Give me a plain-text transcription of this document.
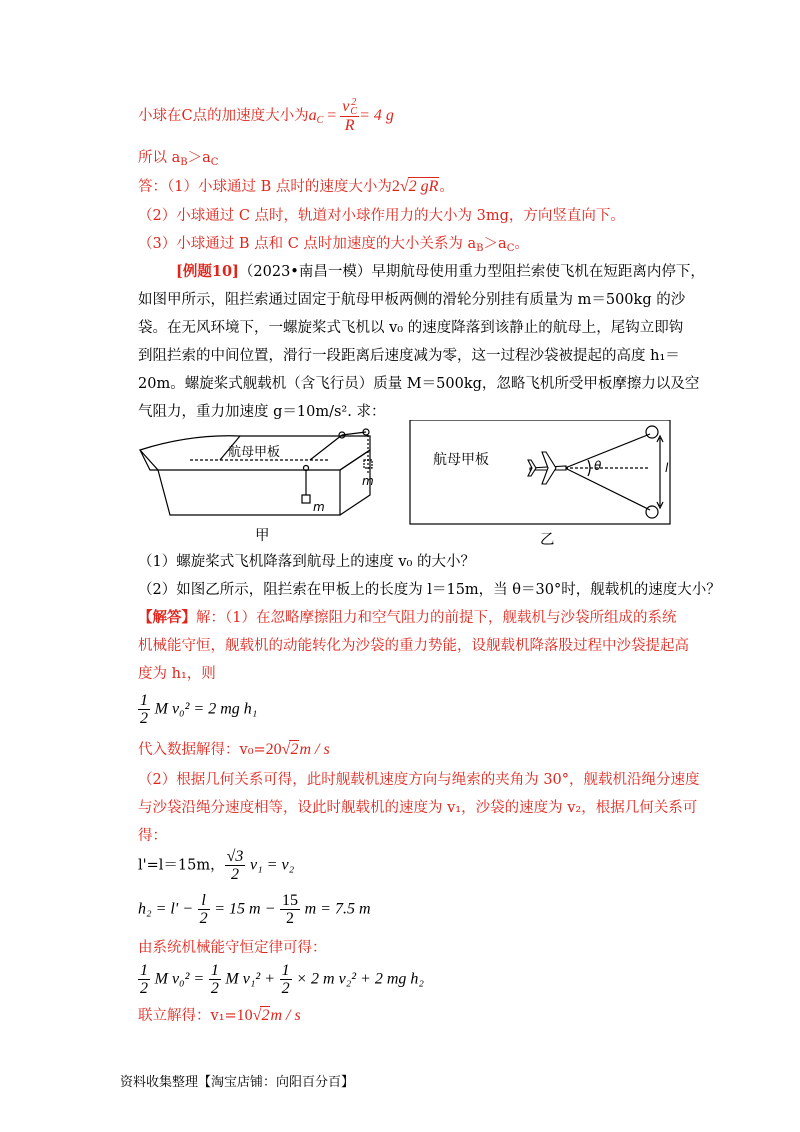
小球在C点的加速度大小为$a_C = v$ 2
C
R = 4 g
所以 $a_B>a_C$
答：（1）小球通过 B 点时的速度大小为2√2 gR。
（2）小球通过 C 点时，轨道对小球作用力的大小为 3mg，方向竖直向下。
（3）小球通过 B 点和 C 点时加速度的大小关系为 $a_B>a_C$。
[例题10]（2023•南昌一模）早期航母使用重力型阻拦索使飞机在短距离内停下，
如图甲所示，阻拦索通过固定于航母甲板两侧的滑轮分别挂有质量为 m＝500kg 的沙
袋。在无风环境下，一螺旋桨式飞机以 v₀ 的速度降落到该静止的航母上，尾钩立即钩
到阻拦索的中间位置，滑行一段距离后速度减为零，这一过程沙袋被提起的高度 h₁＝
20m。螺旋桨式舰载机（含飞行员）质量 M＝500kg，忽略飞机所受甲板摩擦力以及空
气阻力，重力加速度 g＝10m/s². 求：
航母甲板
m
m
航母甲板	θ	l
甲	乙
（1）螺旋桨式飞机降落到航母上的速度 v₀ 的大小？
（2）如图乙所示，阻拦索在甲板上的长度为 l＝15m，当 θ＝30°时，舰载机的速度大小？
【解答】解：（1）在忽略摩擦阻力和空气阻力的前提下，舰载机与沙袋所组成的系统
机械能守恒，舰载机的动能转化为沙袋的重力势能，设舰载机降落股过程中沙袋提起高
度为 h₁，则
$\frac{1}{2}$ M v₀² = 2 mg h₁
代入数据解得：v₀=20√2m / s
（2）根据几何关系可得，此时舰载机速度方向与绳索的夹角为 30°，舰载机沿绳分速度
与沙袋沿绳分速度相等，设此时舰载机的速度为 v₁，沙袋的速度为 v₂，根据几何关系可
得：
l'=l＝15m， $\frac{√3}{2} v_1 = v_2$
$h_2 = l' - \frac{l}{2} = 15$ $m - \frac{15}{2}$ m = 7.5 m
由系统机械能守恒定律可得：
$\frac{1}{2}$ M $v_0^2 = \frac{1}{2}$ M $v_1^2 + \frac{1}{2} \times 2$ m v₂² + 2 mg h₂
联立解得：v₁=10√2m / s
资料收集整理【淘宝店铺：向阳百分百】
